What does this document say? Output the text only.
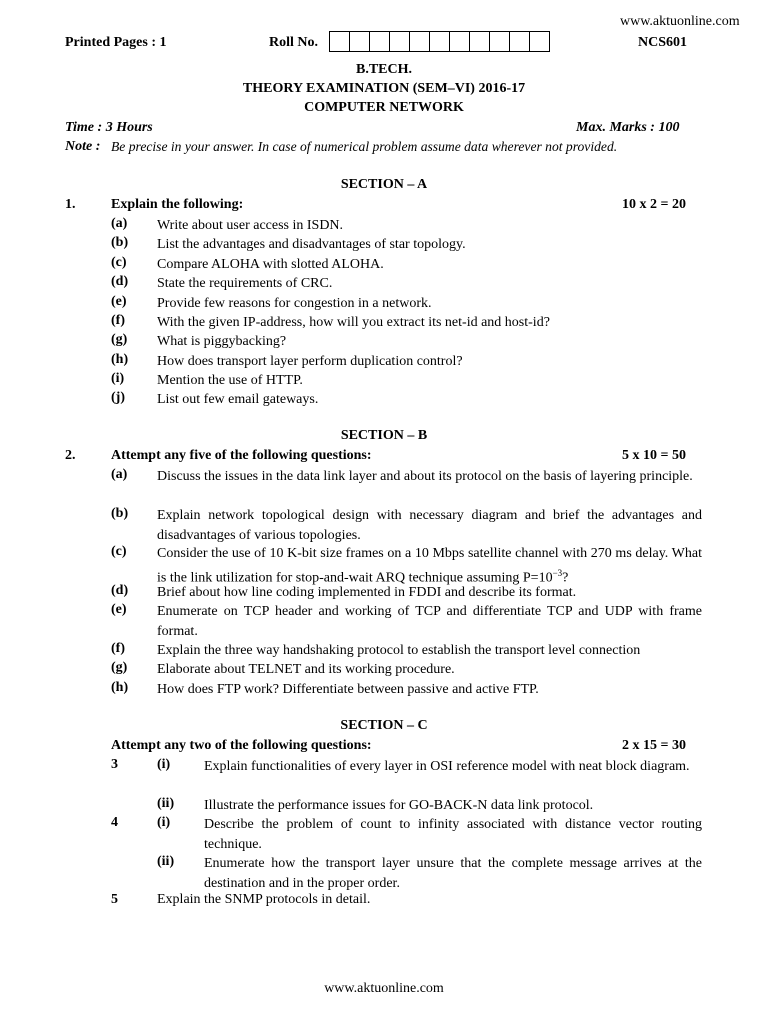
www.aktuonline.com
Printed Pages : 1	Roll No.	NCS601
B.TECH.
THEORY EXAMINATION (SEM–VI) 2016-17
COMPUTER NETWORK
Time : 3 Hours	Max. Marks : 100
Note : Be precise in your answer. In case of numerical problem assume data wherever not provided.
SECTION – A
1.	Explain the following:	10 x 2 = 20
(a) Write about user access in ISDN.
(b) List the advantages and disadvantages of star topology.
(c) Compare ALOHA with slotted ALOHA.
(d) State the requirements of CRC.
(e) Provide few reasons for congestion in a network.
(f) With the given IP-address, how will you extract its net-id and host-id?
(g) What is piggybacking?
(h) How does transport layer perform duplication control?
(i) Mention the use of HTTP.
(j) List out few email gateways.
SECTION – B
2.	Attempt any five of the following questions:	5 x 10 = 50
(a) Discuss the issues in the data link layer and about its protocol on the basis of layering principle.
(b) Explain network topological design with necessary diagram and brief the advantages and disadvantages of various topologies.
(c) Consider the use of 10 K-bit size frames on a 10 Mbps satellite channel with 270 ms delay. What is the link utilization for stop-and-wait ARQ technique assuming $P=10^{-3}$?
(d) Brief about how line coding implemented in FDDI and describe its format.
(e) Enumerate on TCP header and working of TCP and differentiate TCP and UDP with frame format.
(f) Explain the three way handshaking protocol to establish the transport level connection
(g) Elaborate about TELNET and its working procedure.
(h) How does FTP work? Differentiate between passive and active FTP.
SECTION – C
Attempt any two of the following questions:	2 x 15 = 30
3	(i) Explain functionalities of every layer in OSI reference model with neat block diagram.
(ii) Illustrate the performance issues for GO-BACK-N data link protocol.
4	(i) Describe the problem of count to infinity associated with distance vector routing technique.
(ii) Enumerate how the transport layer unsure that the complete message arrives at the destination and in the proper order.
5	Explain the SNMP protocols in detail.
www.aktuonline.com
